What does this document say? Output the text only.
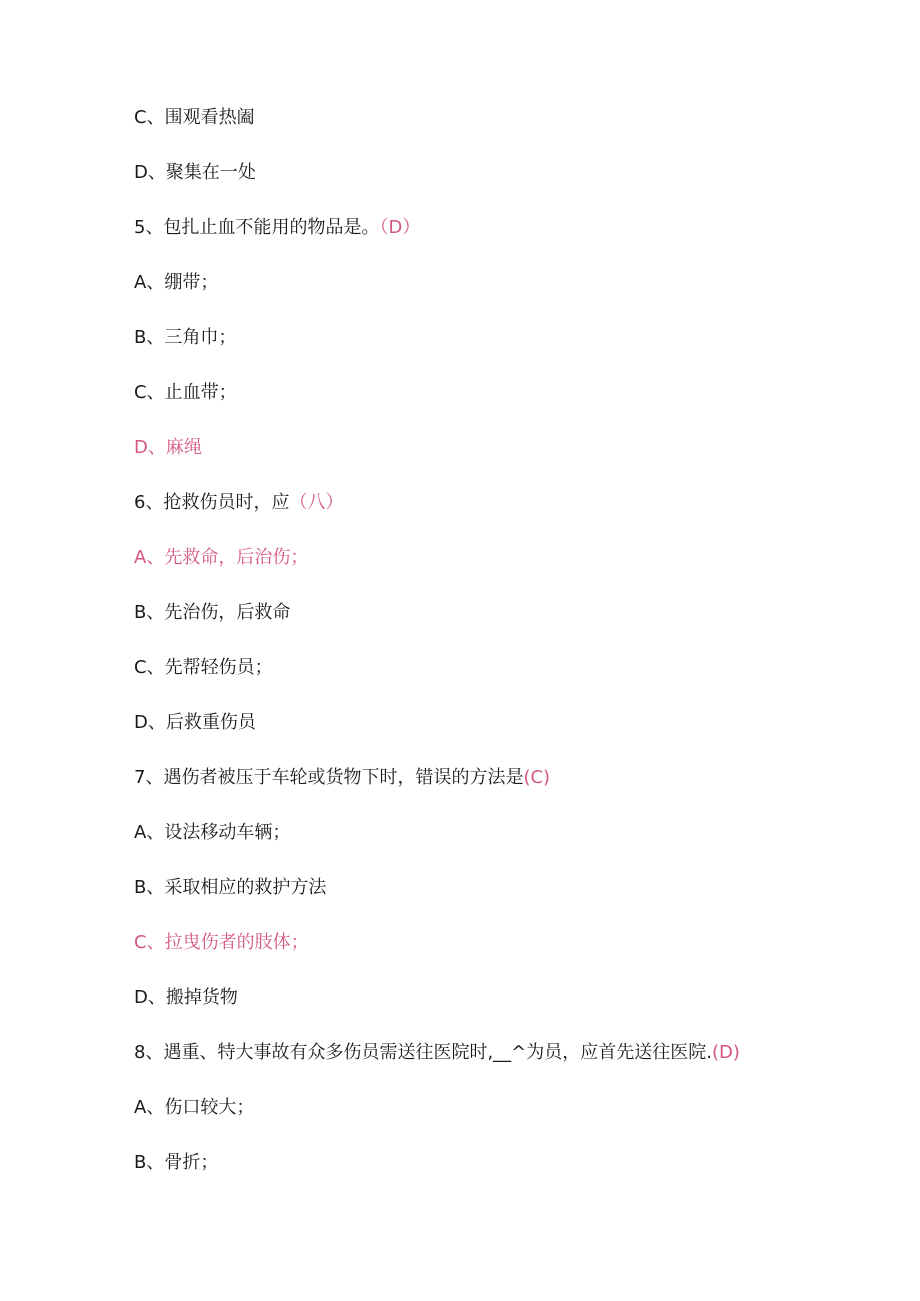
C、围观看热阖
D、聚集在一处
5、包扎止血不能用的物品是。（D）
A、绷带；
B、三角巾；
C、止血带；
D、麻绳
6、抢救伤员时，应（八）
A、先救命，后治伤；
B、先治伤，后救命
C、先帮轻伤员；
D、后救重伤员
7、遇伤者被压于车轮或货物下时，错误的方法是(C)
A、设法移动车辆；
B、采取相应的救护方法
C、拉曳伤者的肢体；
D、搬掉货物
8、遇重、特大事故有众多伤员需送往医院时,__^为员，应首先送往医院.(D)
A、伤口较大；
B、骨折；
